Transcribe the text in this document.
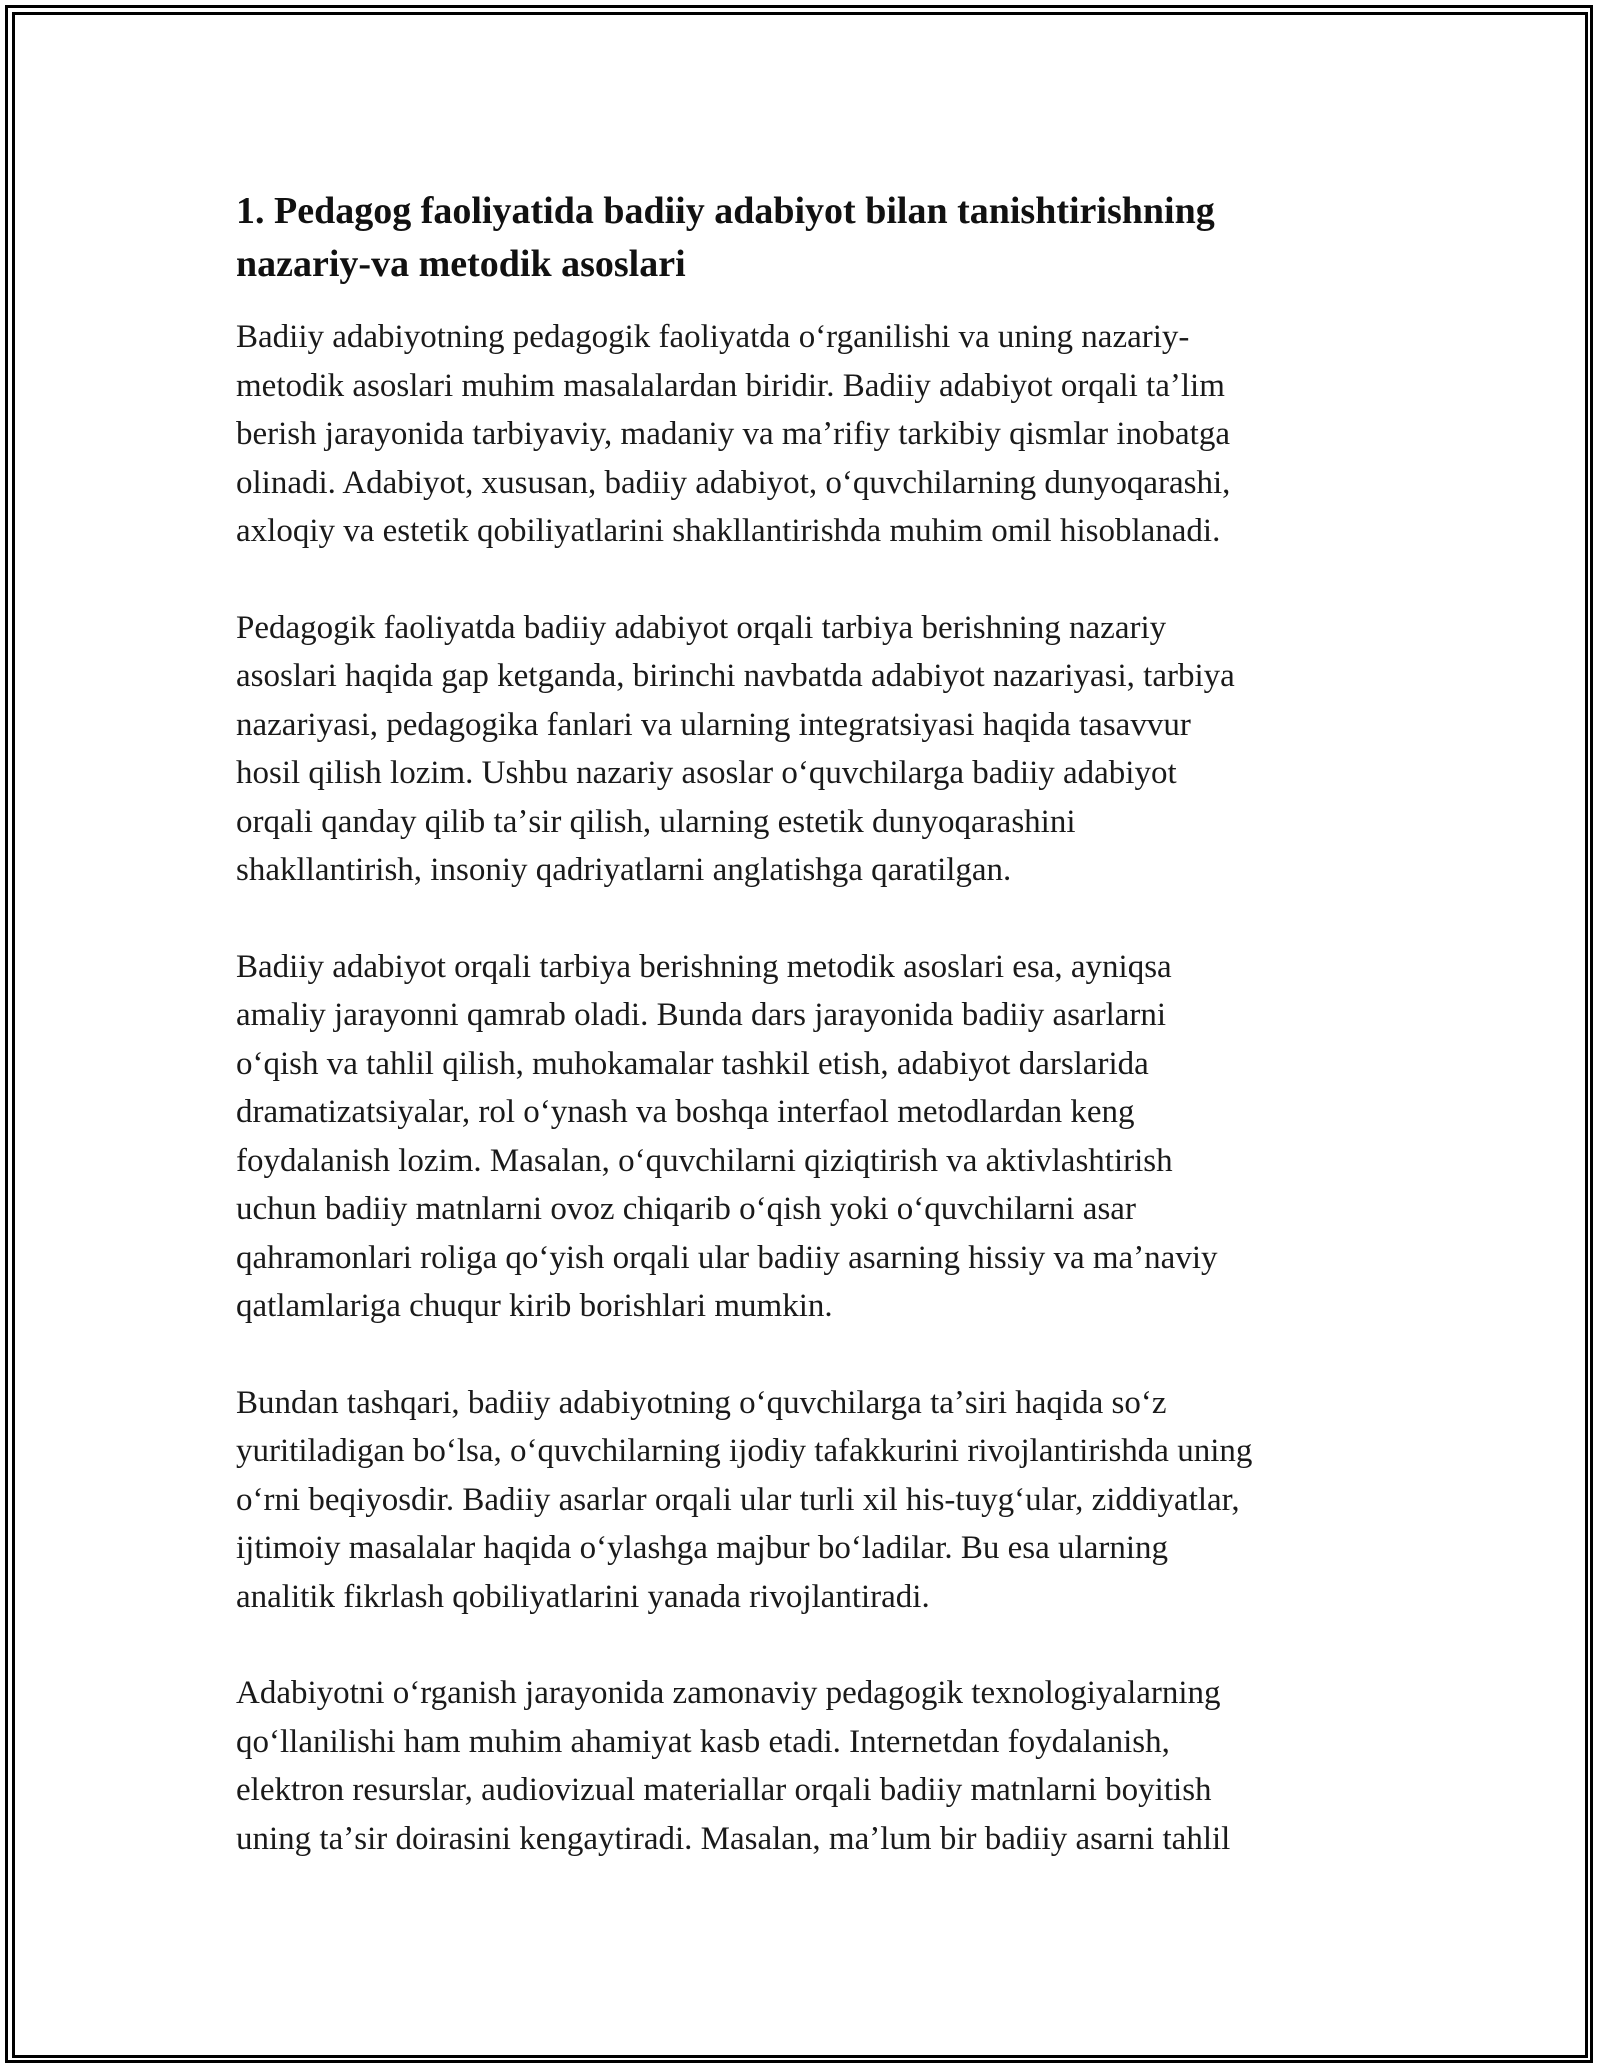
1. Pedagog faoliyatida badiiy adabiyot bilan tanishtirishning
nazariy-va metodik asoslari

Badiiy adabiyotning pedagogik faoliyatda oʻrganilishi va uning nazariy-
metodik asoslari muhim masalalardan biridir. Badiiy adabiyot orqali taʼlim
berish jarayonida tarbiyaviy, madaniy va maʼrifiy tarkibiy qismlar inobatga
olinadi. Adabiyot, xususan, badiiy adabiyot, oʻquvchilarning dunyoqarashi,
axloqiy va estetik qobiliyatlarini shakllantirishda muhim omil hisoblanadi.

Pedagogik faoliyatda badiiy adabiyot orqali tarbiya berishning nazariy
asoslari haqida gap ketganda, birinchi navbatda adabiyot nazariyasi, tarbiya
nazariyasi, pedagogika fanlari va ularning integratsiyasi haqida tasavvur
hosil qilish lozim. Ushbu nazariy asoslar oʻquvchilarga badiiy adabiyot
orqali qanday qilib taʼsir qilish, ularning estetik dunyoqarashini
shakllantirish, insoniy qadriyatlarni anglatishga qaratilgan.

Badiiy adabiyot orqali tarbiya berishning metodik asoslari esa, ayniqsa
amaliy jarayonni qamrab oladi. Bunda dars jarayonida badiiy asarlarni
oʻqish va tahlil qilish, muhokamalar tashkil etish, adabiyot darslarida
dramatizatsiyalar, rol oʻynash va boshqa interfaol metodlardan keng
foydalanish lozim. Masalan, oʻquvchilarni qiziqtirish va aktivlashtirish
uchun badiiy matnlarni ovoz chiqarib oʻqish yoki oʻquvchilarni asar
qahramonlari roliga qoʻyish orqali ular badiiy asarning hissiy va maʼnaviy
qatlamlariga chuqur kirib borishlari mumkin.

Bundan tashqari, badiiy adabiyotning oʻquvchilarga taʼsiri haqida soʻz
yuritiladigan boʻlsa, oʻquvchilarning ijodiy tafakkurini rivojlantirishda uning
oʻrni beqiyosdir. Badiiy asarlar orqali ular turli xil his-tuygʻular, ziddiyatlar,
ijtimoiy masalalar haqida oʻylashga majbur boʻladilar. Bu esa ularning
analitik fikrlash qobiliyatlarini yanada rivojlantiradi.

Adabiyotni oʻrganish jarayonida zamonaviy pedagogik texnologiyalarning
qoʻllanilishi ham muhim ahamiyat kasb etadi. Internetdan foydalanish,
elektron resurslar, audiovizual materiallar orqali badiiy matnlarni boyitish
uning taʼsir doirasini kengaytiradi. Masalan, maʼlum bir badiiy asarni tahlil
